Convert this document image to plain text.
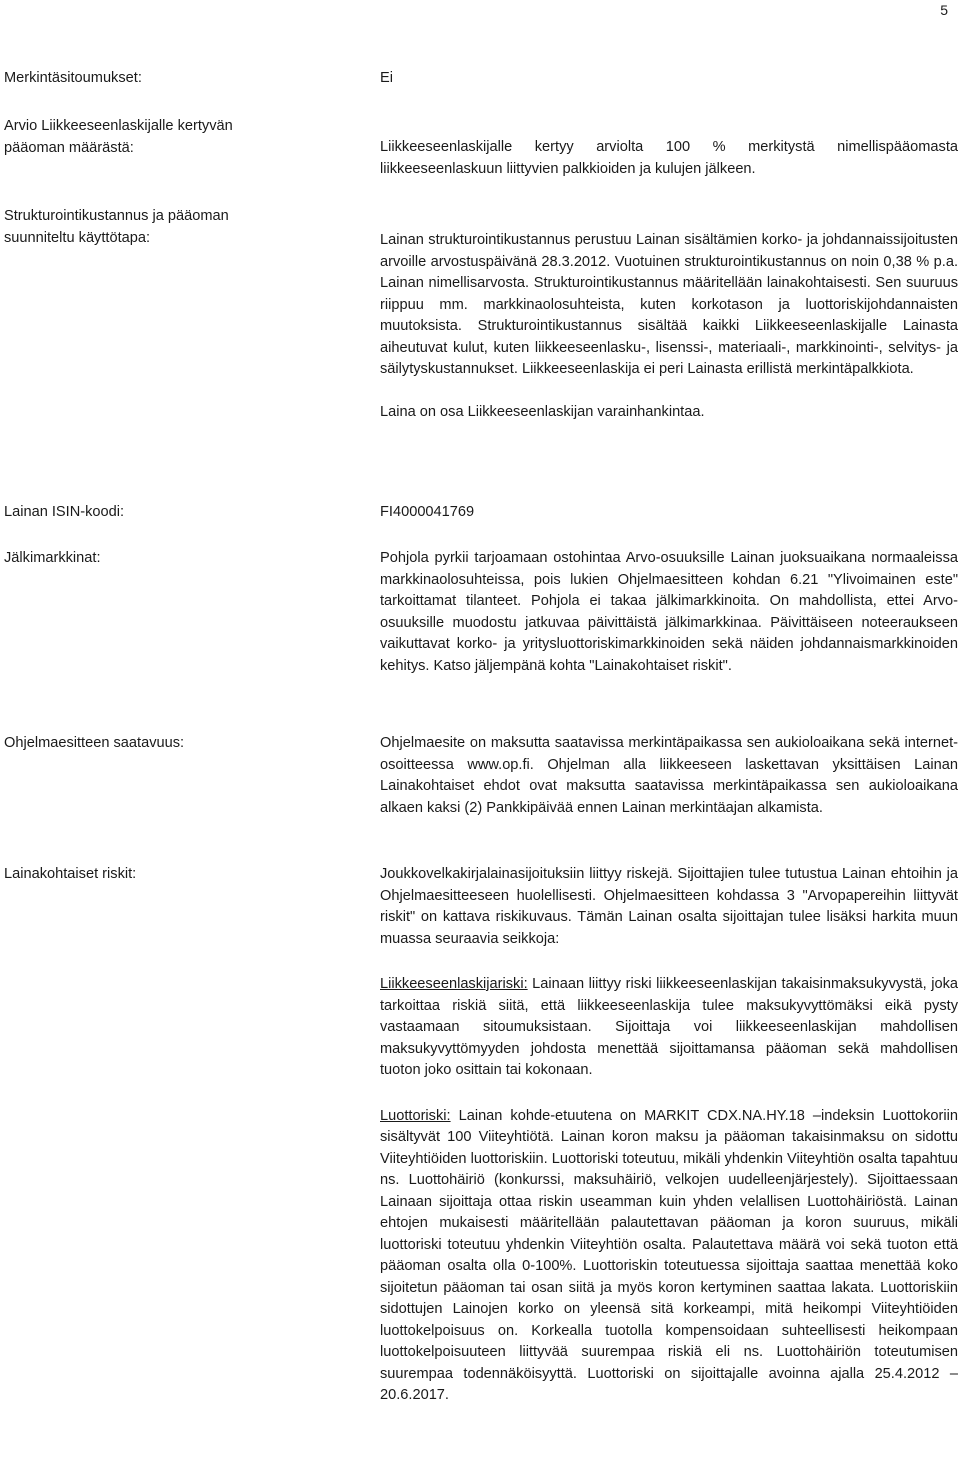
5
Merkintäsitoumukset:	Ei

Arvio Liikkeeseenlaskijalle kertyvän pääoman määrästä:	Liikkeeseenlaskijalle kertyy arviolta 100 % merkitystä nimellispääomasta liikkeeseenlaskuun liittyvien palkkioiden ja kulujen jälkeen.

Strukturointikustannus ja pääoman suunniteltu käyttötapa:	Lainan strukturointikustannus perustuu Lainan sisältämien korko- ja johdannaissijoitusten arvoille arvostuspäivänä 28.3.2012. Vuotuinen strukturointikustannus on noin 0,38 % p.a. Lainan nimellisarvosta. Strukturointikustannus määritellään lainakohtaisesti. Sen suuruus riippuu mm. markkinaolosuhteista, kuten korkotason ja luottoriskijohdannaisten muutoksista. Strukturointikustannus sisältää kaikki Liikkeeseenlaskijalle Lainasta aiheutuvat kulut, kuten liikkeeseenlasku-, lisenssi-, materiaali-, markkinointi-, selvitys- ja säilytyskustannukset. Liikkeeseenlaskija ei peri Lainasta erillistä merkintäpalkkiota.

Laina on osa Liikkeeseenlaskijan varainhankintaa.

Lainan ISIN-koodi:	FI4000041769

Jälkimarkkinat:	Pohjola pyrkii tarjoamaan ostohintaa Arvo-osuuksille Lainan juoksuaikana normaaleissa markkinaolosuhteissa, pois lukien Ohjelmaesitteen kohdan 6.21 "Ylivoimainen este" tarkoittamat tilanteet. Pohjola ei takaa jälkimarkkinoita. On mahdollista, ettei Arvo-osuuksille muodostu jatkuvaa päivittäistä jälkimarkkinaa. Päivittäiseen noteeraukseen vaikuttavat korko- ja yritysluottoriskimarkkinoiden sekä näiden johdannaismarkkinoiden kehitys. Katso jäljempänä kohta "Lainakohtaiset riskit".

Ohjelmaesitteen saatavuus:	Ohjelmaesite on maksutta saatavissa merkintäpaikassa sen aukioloaikana sekä internet-osoitteessa www.op.fi. Ohjelman alla liikkeeseen laskettavan yksittäisen Lainan Lainakohtaiset ehdot ovat maksutta saatavissa merkintäpaikassa sen aukioloaikana alkaen kaksi (2) Pankkipäivää ennen Lainan merkintäajan alkamista.

Lainakohtaiset riskit:	Joukkovelkakirjalainasijoituksiin liittyy riskejä. Sijoittajien tulee tutustua Lainan ehtoihin ja Ohjelmaesitteeseen huolellisesti. Ohjelmaesitteen kohdassa 3 "Arvopapereihin liittyvät riskit" on kattava riskikuvaus. Tämän Lainan osalta sijoittajan tulee lisäksi harkita muun muassa seuraavia seikkoja:

Liikkeeseenlaskijariski: Lainaan liittyy riski liikkeeseenlaskijan takaisinmaksukyvystä, joka tarkoittaa riskiä siitä, että liikkeeseenlaskija tulee maksukyvyttömäksi eikä pysty vastaamaan sitoumuksistaan. Sijoittaja voi liikkeeseenlaskijan mahdollisen maksukyvyttömyyden johdosta menettää sijoittamansa pääoman sekä mahdollisen tuoton joko osittain tai kokonaan.

Luottoriski: Lainan kohde-etuutena on MARKIT CDX.NA.HY.18 –indeksin Luottokoriin sisältyvät 100 Viiteyhtiötä. Lainan koron maksu ja pääoman takaisinmaksu on sidottu Viiteyhtiöiden luottoriskiin. Luottoriski toteutuu, mikäli yhdenkin Viiteyhtiön osalta tapahtuu ns. Luottohäiriö (konkurssi, maksuhäiriö, velkojen uudelleenjärjestely). Sijoittaessaan Lainaan sijoittaja ottaa riskin useamman kuin yhden velallisen Luottohäiriöstä. Lainan ehtojen mukaisesti määritellään palautettavan pääoman ja koron suuruus, mikäli luottoriski toteutuu yhdenkin Viiteyhtiön osalta. Palautettava määrä voi sekä tuoton että pääoman osalta olla 0-100%. Luottoriskin toteutuessa sijoittaja saattaa menettää koko sijoitetun pääoman tai osan siitä ja myös koron kertyminen saattaa lakata. Luottoriskiin sidottujen Lainojen korko on yleensä sitä korkeampi, mitä heikompi Viiteyhtiöiden luottokelpoisuus on. Korkealla tuotolla kompensoidaan suhteellisesti heikompaan luottokelpoisuuteen liittyvää suurempaa riskiä eli ns. Luottohäiriön toteutumisen suurempaa todennäköisyyttä. Luottoriski on sijoittajalle avoinna ajalla 25.4.2012 – 20.6.2017.
